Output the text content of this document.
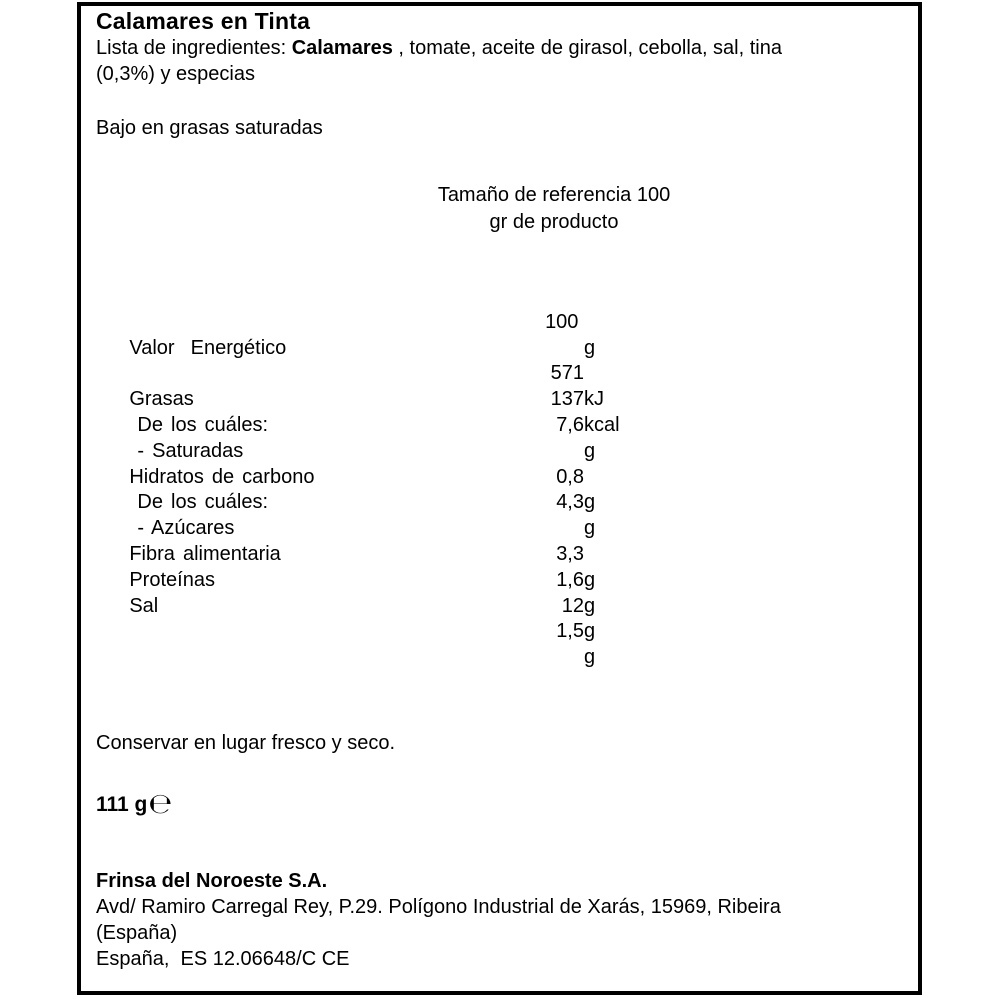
Calamares en Tinta
Lista de ingredientes: Calamares , tomate, aceite de girasol, cebolla, sal, tina
(0,3%) y especias
Bajo en grasas saturadas
Tamaño de referencia 100
gr de producto

100

g

Valor  Energético

571

kJ

137

kcal

Grasas

7,6

g

De los cuáles:

- Saturadas

0,8

g

Hidratos de carbono

4,3

g

De los cuáles:

- Azúcares

3,3

g

Fibra alimentaria

1,6

g

Proteínas

12

g

Sal

1,5

g

Conservar en lugar fresco y seco.
111 g℮
Frinsa del Noroeste S.A.
Avd/ Ramiro Carregal Rey, P.29. Polígono Industrial de Xarás, 15969, Ribeira
(España)
España,  ES 12.06648/C CE
